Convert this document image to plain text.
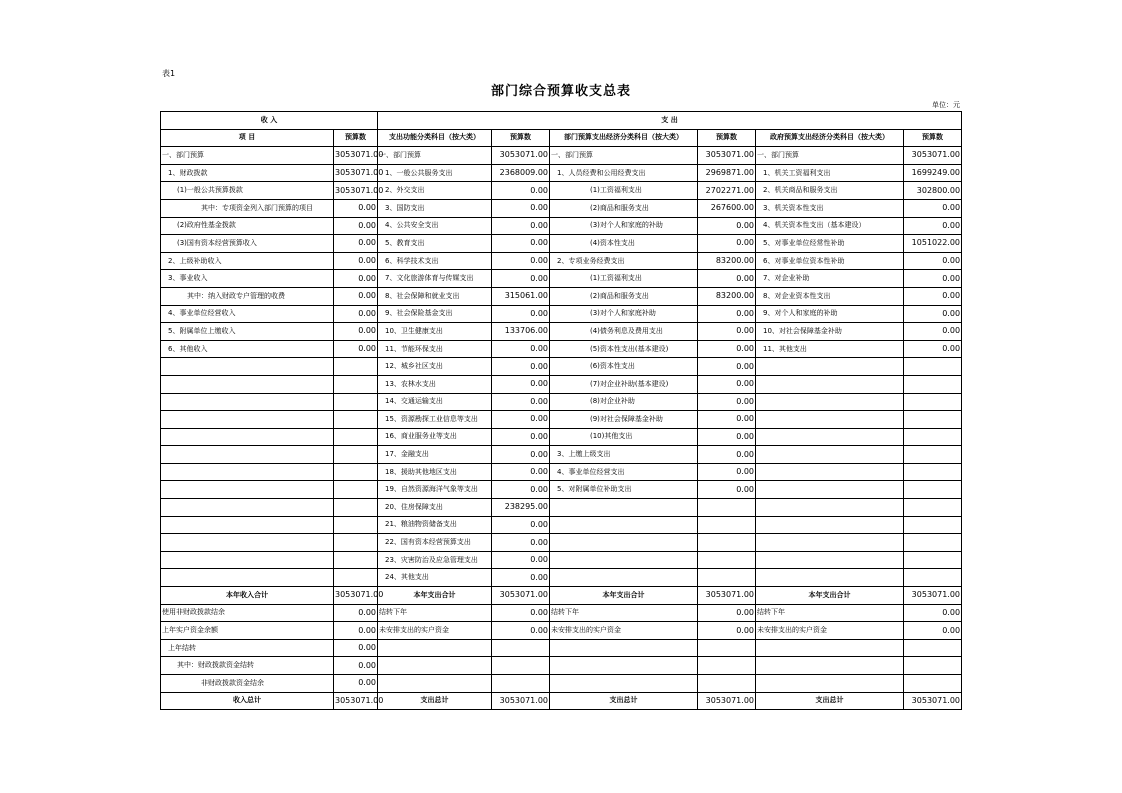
表1
部门综合预算收支总表
单位：元
收 入		支 出					
项 目	预算数	支出功能分类科目（按大类）	预算数	部门预算支出经济分类科目（按大类）	预算数	政府预算支出经济分类科目（按大类）	预算数
一、部门预算	3053071.00	一、部门预算	3053071.00	一、部门预算	3053071.00	一、部门预算	3053071.00
1、财政拨款	3053071.00	1、一般公共服务支出	2368009.00	1、人员经费和公用经费支出	2969871.00	1、机关工资福利支出	1699249.00
(1)一般公共预算拨款	3053071.00	2、外交支出	0.00	(1)工资福利支出	2702271.00	2、机关商品和服务支出	302800.00
其中：专项资金列入部门预算的项目	0.00	3、国防支出	0.00	(2)商品和服务支出	267600.00	3、机关资本性支出	0.00
(2)政府性基金拨款	0.00	4、公共安全支出	0.00	(3)对个人和家庭的补助	0.00	4、机关资本性支出（基本建设）	0.00
(3)国有资本经营预算收入	0.00	5、教育支出	0.00	(4)资本性支出	0.00	5、对事业单位经常性补助	1051022.00
2、上级补助收入	0.00	6、科学技术支出	0.00	2、专项业务经费支出	83200.00	6、对事业单位资本性补助	0.00
3、事业收入	0.00	7、文化旅游体育与传媒支出	0.00	(1)工资福利支出	0.00	7、对企业补助	0.00
其中：纳入财政专户管理的收费	0.00	8、社会保障和就业支出	315061.00	(2)商品和服务支出	83200.00	8、对企业资本性支出	0.00
4、事业单位经营收入	0.00	9、社会保险基金支出	0.00	(3)对个人和家庭补助	0.00	9、对个人和家庭的补助	0.00
5、附属单位上缴收入	0.00	10、卫生健康支出	133706.00	(4)债务利息及费用支出	0.00	10、对社会保障基金补助	0.00
6、其他收入	0.00	11、节能环保支出	0.00	(5)资本性支出(基本建设)	0.00	11、其他支出	0.00
		12、城乡社区支出	0.00	(6)资本性支出	0.00		
		13、农林水支出	0.00	(7)对企业补助(基本建设)	0.00		
		14、交通运输支出	0.00	(8)对企业补助	0.00		
		15、资源勘探工业信息等支出	0.00	(9)对社会保障基金补助	0.00		
		16、商业服务业等支出	0.00	(10)其他支出	0.00		
		17、金融支出	0.00	3、上缴上级支出	0.00		
		18、援助其他地区支出	0.00	4、事业单位经营支出	0.00		
		19、自然资源海洋气象等支出	0.00	5、对附属单位补助支出	0.00		
		20、住房保障支出	238295.00				
		21、粮油物资储备支出	0.00				
		22、国有资本经营预算支出	0.00				
		23、灾害防治及应急管理支出	0.00				
		24、其他支出	0.00				
本年收入合计	3053071.00	本年支出合计	3053071.00	本年支出合计	3053071.00	本年支出合计	3053071.00
使用非财政拨款结余	0.00	结转下年	0.00	结转下年	0.00	结转下年	0.00
上年实户资金余额	0.00	未安排支出的实户资金	0.00	未安排支出的实户资金	0.00	未安排支出的实户资金	0.00
上年结转	0.00						
其中：财政拨款资金结转	0.00						
非财政拨款资金结余	0.00						
收入总计	3053071.00	支出总计	3053071.00	支出总计	3053071.00	支出总计	3053071.00
